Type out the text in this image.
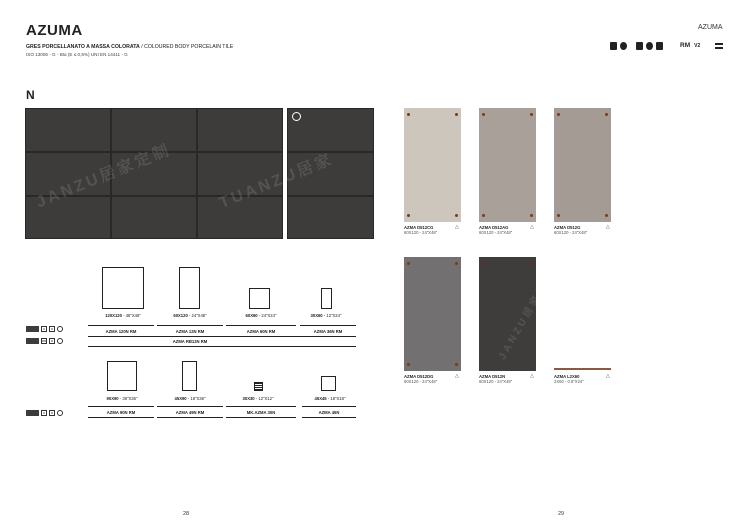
AZUMA
GRES PORCELLANATO A MASSA COLORATA / COLOURED BODY PORCELAIN TILE
ISO 13006 - G - BIa (E ≤ 0,5%) UNI EN 14411 - G
AZUMA
RM V2
N
JANZU居家定制	TUANZU居家
120X120 - 48"X48"	60X120 - 24"X48"	60X60 - 24"X24"	30X60 - 12"X24"
AZMA 120N RM	AZMA 12N RM	AZMA 60N RM	AZMA 36N RM
AZMA RB12N RM
U	N
RR	N
90X90 - 36"X36"	45X90 - 18"X36"	30X30 - 12"X12"	45X45 - 18"X18"
AZMA 90N RM	AZMA 49N RM	MK.AZMA 30N	AZMA 45N
U	N
AZMA D512CG
60X120 - 24"X48"
AZMA D512AG
60X120 - 24"X48"
AZMA D512G
60X120 - 24"X48"
△	△	△
JANZU居家定制
AZMA D512DG
60X120 - 24"X48"
AZMA D512N
60X120 - 24"X48"
AZMA L2X60
2X60 - 0.8"X24"
△	△	△
28	29
